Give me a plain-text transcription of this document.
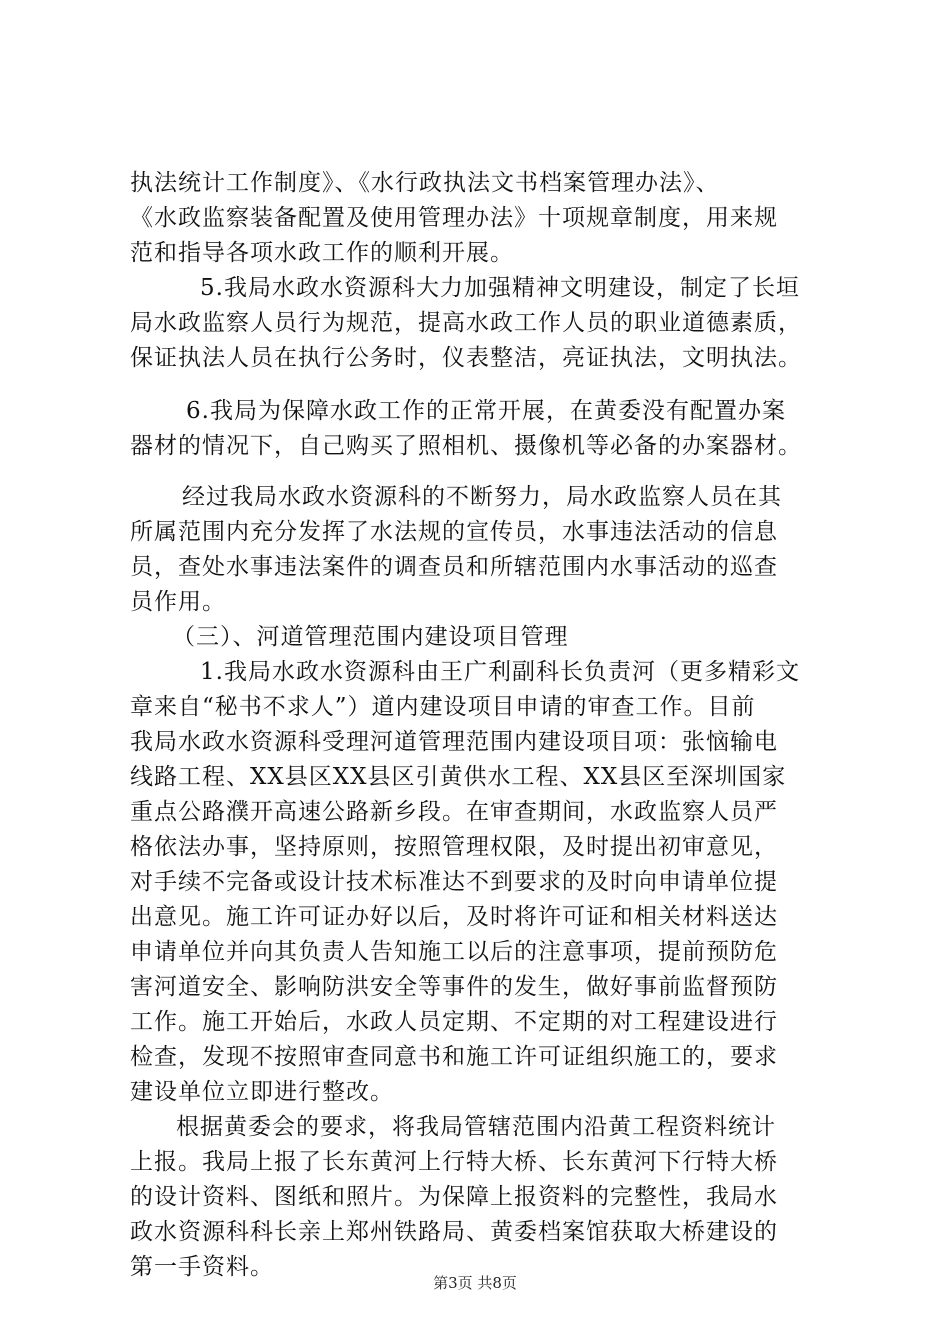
执法统计工作制度》、《水行政执法文书档案管理办法》、
《水政监察装备配置及使用管理办法》十项规章制度，用来规
范和指导各项水政工作的顺利开展。
5.我局水政水资源科大力加强精神文明建设，制定了长垣
局水政监察人员行为规范，提高水政工作人员的职业道德素质，
保证执法人员在执行公务时，仪表整洁，亮证执法，文明执法。
6.我局为保障水政工作的正常开展，在黄委没有配置办案
器材的情况下，自己购买了照相机、摄像机等必备的办案器材。
经过我局水政水资源科的不断努力，局水政监察人员在其
所属范围内充分发挥了水法规的宣传员，水事违法活动的信息
员，查处水事违法案件的调查员和所辖范围内水事活动的巡查
员作用。
（三）、河道管理范围内建设项目管理
1.我局水政水资源科由王广利副科长负责河（更多精彩文
章来自“秘书不求人”）道内建设项目申请的审查工作。目前
我局水政水资源科受理河道管理范围内建设项目项：张恼输电
线路工程、XX县区XX县区引黄供水工程、XX县区至深圳国家
重点公路濮开高速公路新乡段。在审查期间，水政监察人员严
格依法办事，坚持原则，按照管理权限，及时提出初审意见，
对手续不完备或设计技术标准达不到要求的及时向申请单位提
出意见。施工许可证办好以后，及时将许可证和相关材料送达
申请单位并向其负责人告知施工以后的注意事项，提前预防危
害河道安全、影响防洪安全等事件的发生，做好事前监督预防
工作。施工开始后，水政人员定期、不定期的对工程建设进行
检查，发现不按照审查同意书和施工许可证组织施工的，要求
建设单位立即进行整改。
根据黄委会的要求，将我局管辖范围内沿黄工程资料统计
上报。我局上报了长东黄河上行特大桥、长东黄河下行特大桥
的设计资料、图纸和照片。为保障上报资料的完整性，我局水
政水资源科科长亲上郑州铁路局、黄委档案馆获取大桥建设的
第一手资料。
第3页 共8页
